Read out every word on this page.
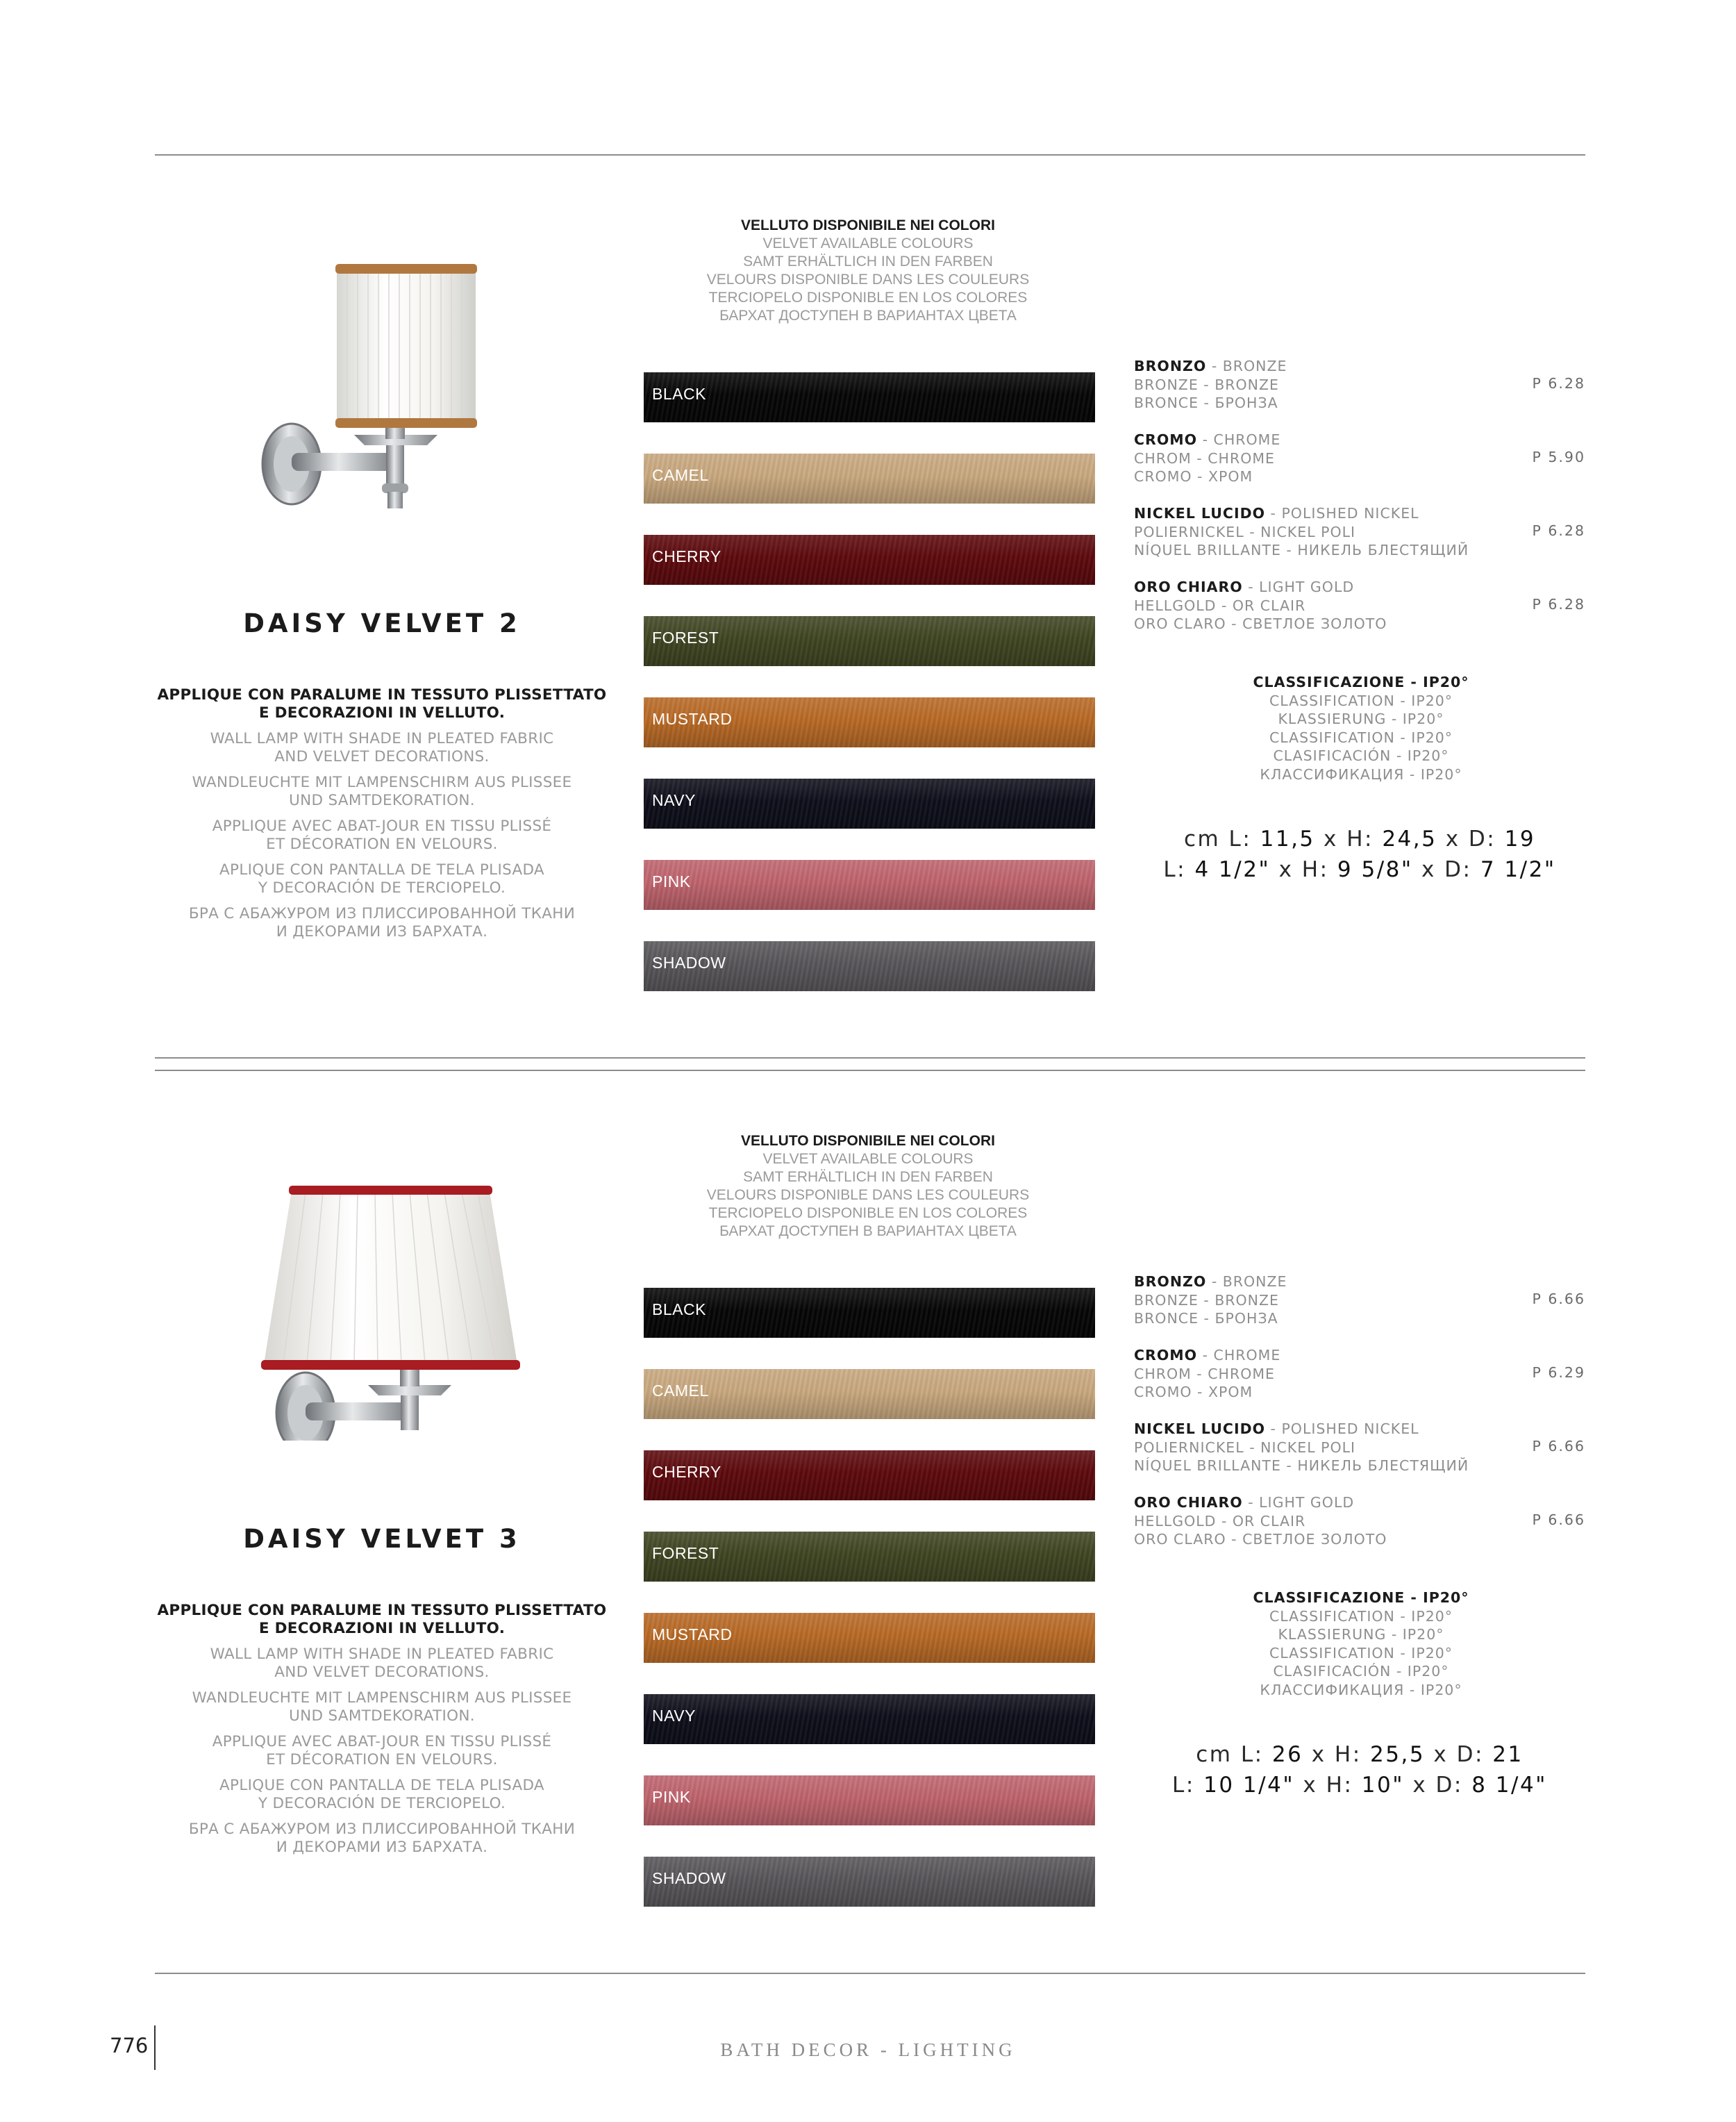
DAISY VELVET 2

APPLIQUE CON PARALUME IN TESSUTO PLISSETTATO
E DECORAZIONI IN VELLUTO.

WALL LAMP WITH SHADE IN PLEATED FABRIC
AND VELVET DECORATIONS.

WANDLEUCHTE MIT LAMPENSCHIRM AUS PLISSEE
UND SAMTDEKORATION.

APPLIQUE AVEC ABAT-JOUR EN TISSU PLISSÉ
ET DÉCORATION EN VELOURS.

APLIQUE CON PANTALLA DE TELA PLISADA
Y DECORACIÓN DE TERCIOPELO.

БРА С АБАЖУРОМ ИЗ ПЛИССИРОВАННОЙ ТКАНИ
И ДЕКОРАМИ ИЗ БАРХАТА.

VELLUTO DISPONIBILE NEI COLORI
VELVET AVAILABLE COLOURS
SAMT ERHÄLTLICH IN DEN FARBEN
VELOURS DISPONIBLE DANS LES COULEURS
TERCIOPELO DISPONIBLE EN LOS COLORES
БАРХАТ ДОСТУПЕН В ВАРИАНТАХ ЦВЕТА
BLACK
CAMEL
CHERRY
FOREST
MUSTARD
NAVY
PINK
SHADOW
BRONZO - BRONZE
BRONZE - BRONZE
BRONCE - БРОНЗА
P 6.28
CROMO - CHROME
CHROM - CHROME
CROMO - ХРОМ
P 5.90
NICKEL LUCIDO - POLISHED NICKEL
POLIERNICKEL - NICKEL POLI
NÍQUEL BRILLANTE - НИКЕЛЬ БЛЕСТЯЩИЙ
P 6.28
ORO CHIARO - LIGHT GOLD
HELLGOLD - OR CLAIR
ORO CLARO - СВЕТЛОЕ ЗОЛОТО
P 6.28
CLASSIFICAZIONE - IP20°
CLASSIFICATION - IP20°
KLASSIERUNG - IP20°
CLASSIFICATION - IP20°
CLASIFICACIÓN - IP20°
КЛАССИФИКАЦИЯ - IP20°
cm L: 11,5 x H: 24,5 x D: 19
L: 4 1/2" x H: 9 5/8" x D: 7 1/2"
DAISY VELVET 3

APPLIQUE CON PARALUME IN TESSUTO PLISSETTATO
E DECORAZIONI IN VELLUTO.

WALL LAMP WITH SHADE IN PLEATED FABRIC
AND VELVET DECORATIONS.

WANDLEUCHTE MIT LAMPENSCHIRM AUS PLISSEE
UND SAMTDEKORATION.

APPLIQUE AVEC ABAT-JOUR EN TISSU PLISSÉ
ET DÉCORATION EN VELOURS.

APLIQUE CON PANTALLA DE TELA PLISADA
Y DECORACIÓN DE TERCIOPELO.

БРА С АБАЖУРОМ ИЗ ПЛИССИРОВАННОЙ ТКАНИ
И ДЕКОРАМИ ИЗ БАРХАТА.

VELLUTO DISPONIBILE NEI COLORI
VELVET AVAILABLE COLOURS
SAMT ERHÄLTLICH IN DEN FARBEN
VELOURS DISPONIBLE DANS LES COULEURS
TERCIOPELO DISPONIBLE EN LOS COLORES
БАРХАТ ДОСТУПЕН В ВАРИАНТАХ ЦВЕТА
BLACK
CAMEL
CHERRY
FOREST
MUSTARD
NAVY
PINK
SHADOW
BRONZO - BRONZE
BRONZE - BRONZE
BRONCE - БРОНЗА
P 6.66
CROMO - CHROME
CHROM - CHROME
CROMO - ХРОМ
P 6.29
NICKEL LUCIDO - POLISHED NICKEL
POLIERNICKEL - NICKEL POLI
NÍQUEL BRILLANTE - НИКЕЛЬ БЛЕСТЯЩИЙ
P 6.66
ORO CHIARO - LIGHT GOLD
HELLGOLD - OR CLAIR
ORO CLARO - СВЕТЛОЕ ЗОЛОТО
P 6.66
CLASSIFICAZIONE - IP20°
CLASSIFICATION - IP20°
KLASSIERUNG - IP20°
CLASSIFICATION - IP20°
CLASIFICACIÓN - IP20°
КЛАССИФИКАЦИЯ - IP20°
cm L: 26 x H: 25,5 x D: 21
L: 10 1/4" x H: 10" x D: 8 1/4"
776	BATH DECOR - LIGHTING
